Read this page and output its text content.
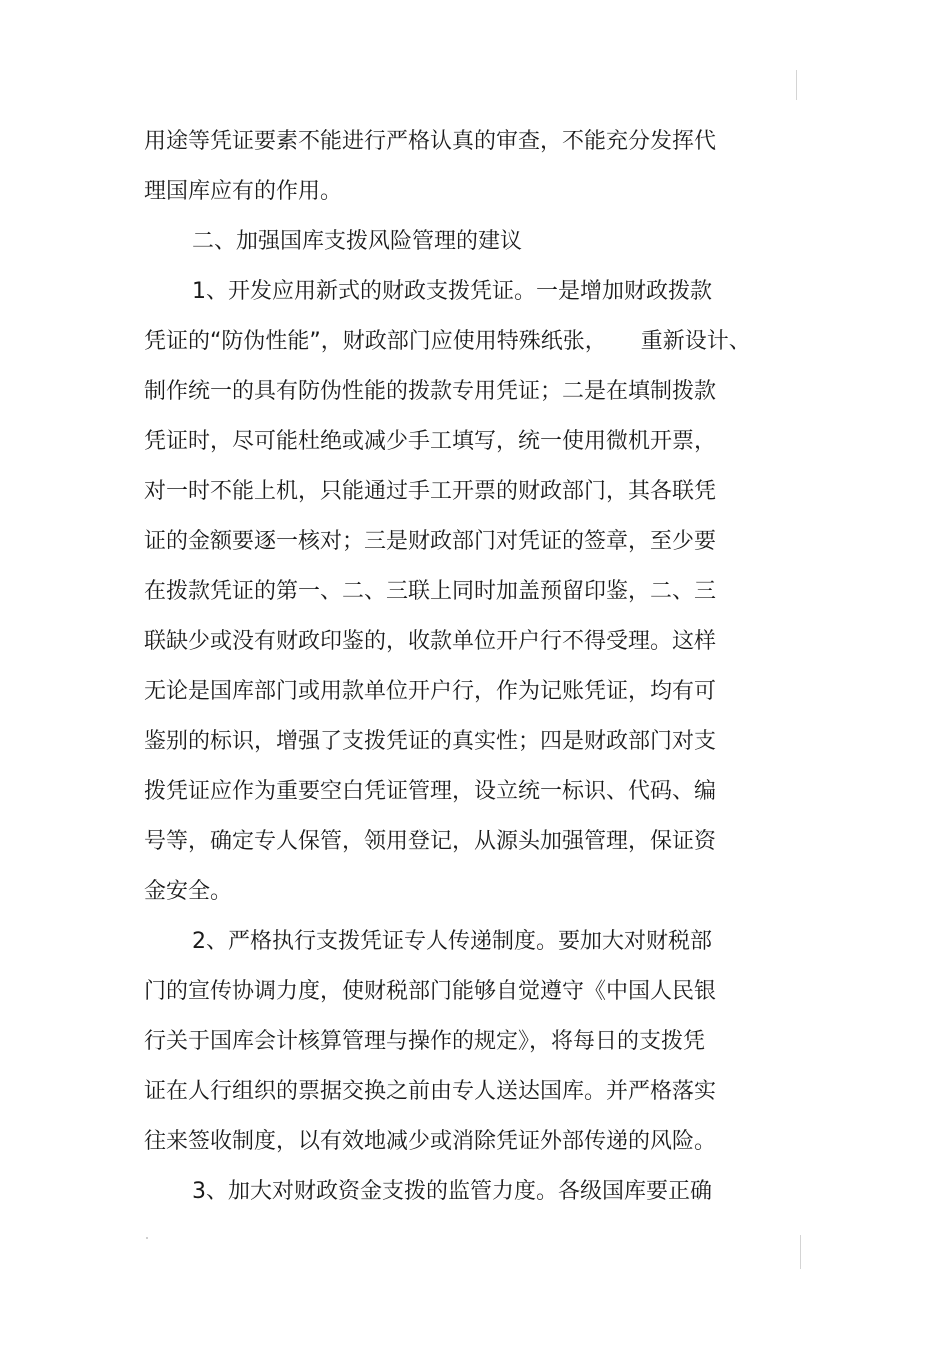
用途等凭证要素不能进行严格认真的审查，不能充分发挥代
理国库应有的作用。
二、加强国库支拨风险管理的建议
1、开发应用新式的财政支拨凭证。一是增加财政拨款
凭证的“防伪性能”，财政部门应使用特殊纸张， 重新设计、
制作统一的具有防伪性能的拨款专用凭证；二是在填制拨款
凭证时，尽可能杜绝或减少手工填写，统一使用微机开票，
对一时不能上机，只能通过手工开票的财政部门，其各联凭
证的金额要逐一核对；三是财政部门对凭证的签章，至少要
在拨款凭证的第一、二、三联上同时加盖预留印鉴，二、三
联缺少或没有财政印鉴的，收款单位开户行不得受理。这样
无论是国库部门或用款单位开户行，作为记账凭证，均有可
鉴别的标识，增强了支拨凭证的真实性；四是财政部门对支
拨凭证应作为重要空白凭证管理，设立统一标识、代码、编
号等，确定专人保管，领用登记，从源头加强管理，保证资
金安全。
2、严格执行支拨凭证专人传递制度。要加大对财税部
门的宣传协调力度，使财税部门能够自觉遵守《中国人民银
行关于国库会计核算管理与操作的规定》，将每日的支拨凭
证在人行组织的票据交换之前由专人送达国库。并严格落实
往来签收制度，以有效地减少或消除凭证外部传递的风险。
3、加大对财政资金支拨的监管力度。各级国库要正确
